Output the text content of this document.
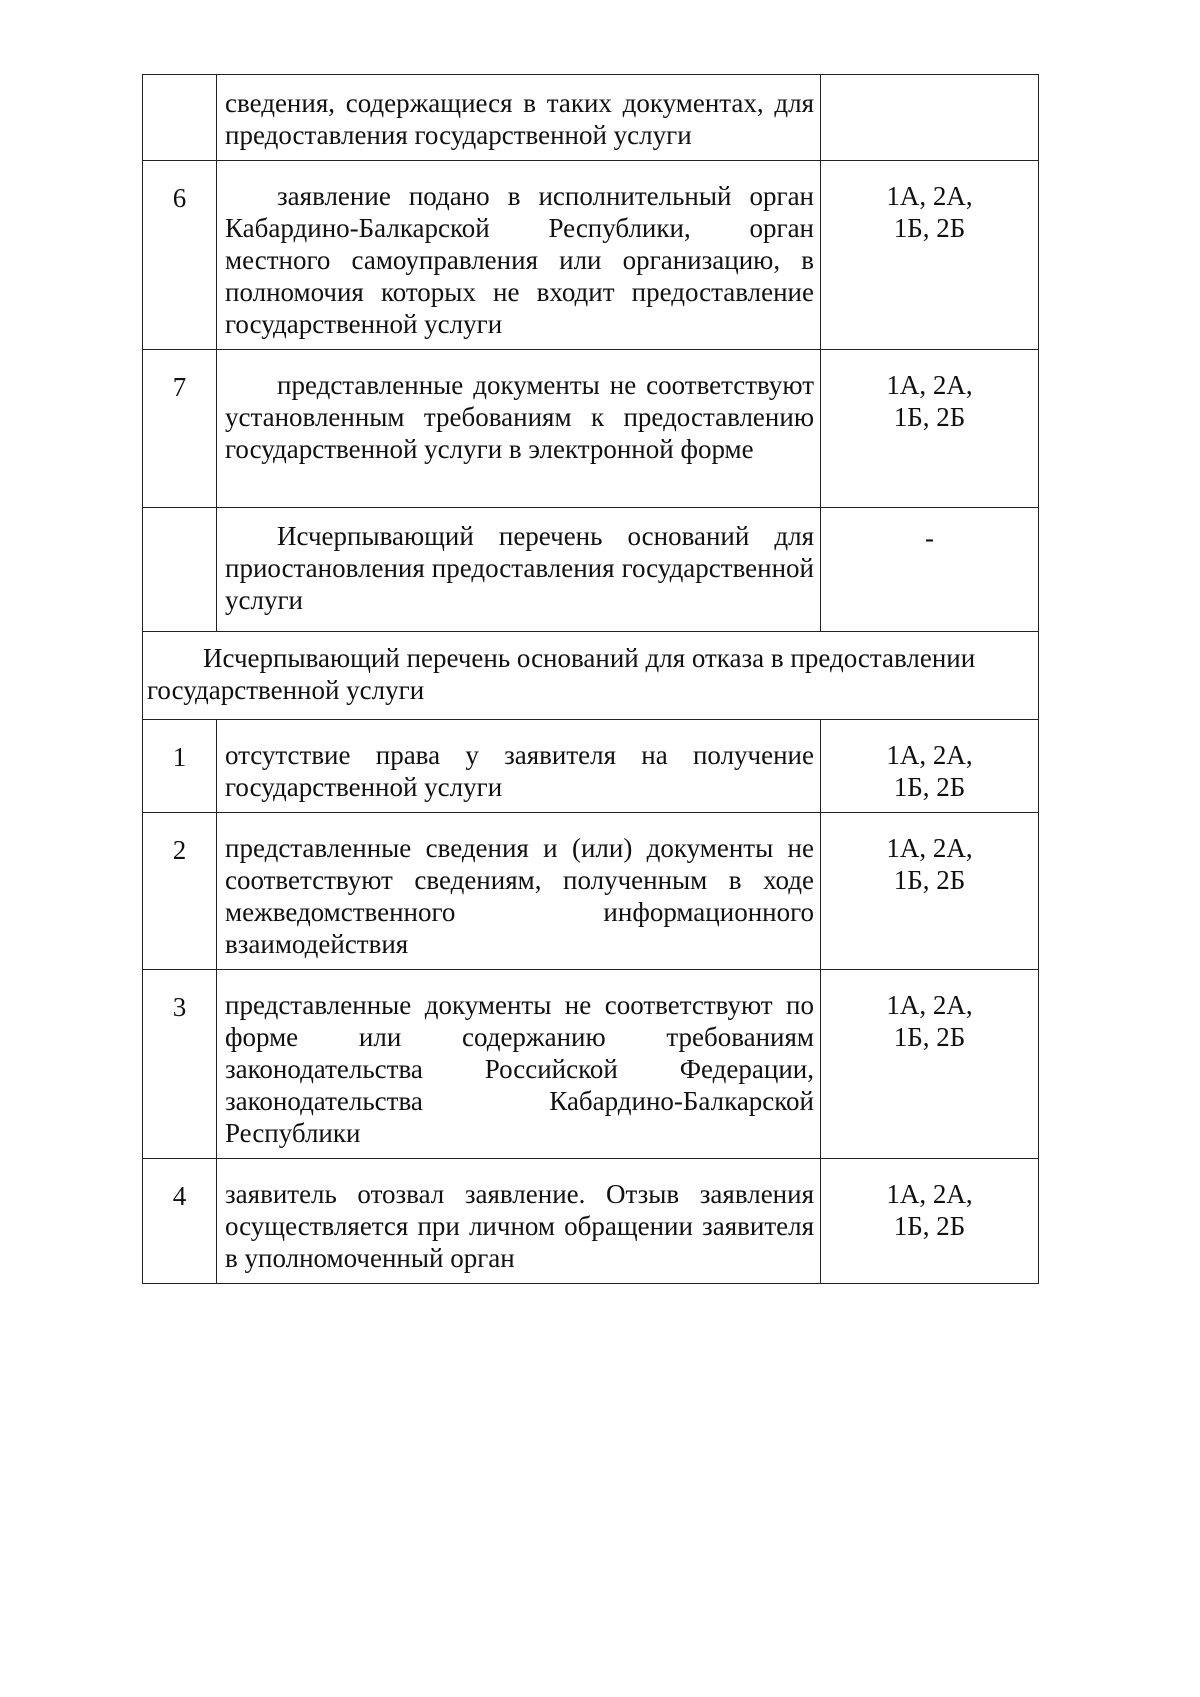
	сведения, содержащиеся в таких документах, для предоставления государственной услуги	
6	заявление подано в исполнительный орган Кабардино-Балкарской Республики, орган местного самоуправления или организацию, в полномочия которых не входит предоставление государственной услуги	1А, 2А,
1Б, 2Б

7	представленные документы не соответствуют установленным требованиям к предоставлению государственной услуги в электронной форме	1А, 2А,
1Б, 2Б

	Исчерпывающий перечень оснований для приостановления предоставления государственной услуги	-

Исчерпывающий перечень оснований для отказа в предоставлении государственной услуги		

1	отсутствие права у заявителя на получение государственной услуги	1А, 2А,
1Б, 2Б

2	представленные сведения и (или) документы не соответствуют сведениям, полученным в ходе межведомственного информационного взаимодействия	1А, 2А,
1Б, 2Б

3	представленные документы не соответствуют по форме или содержанию требованиям законодательства Российской Федерации, законодательства Кабардино-Балкарской Республики	1А, 2А,
1Б, 2Б

4	заявитель отозвал заявление. Отзыв заявления осуществляется при личном обращении заявителя в уполномоченный орган	1А, 2А,
1Б, 2Б
